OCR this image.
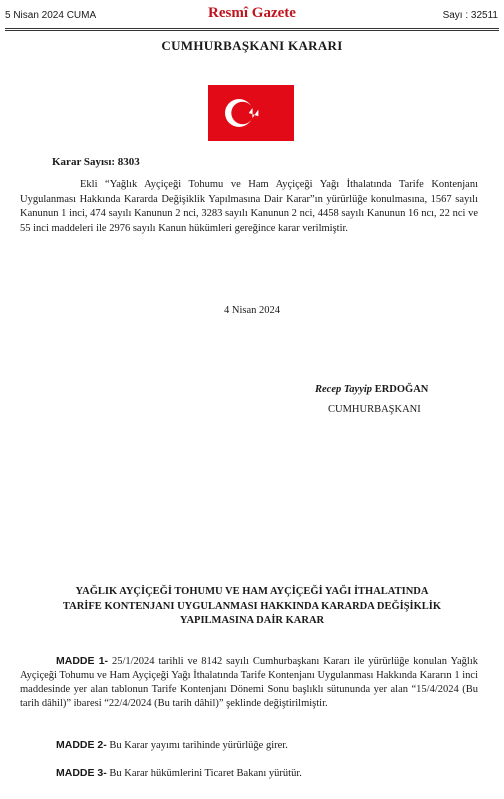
5 Nisan 2024 CUMA	Resmî Gazete	Sayı : 32511
CUMHURBAŞKANI KARARI
Karar Sayısı: 8303
Ekli “Yağlık Ayçiçeği Tohumu ve Ham Ayçiçeği Yağı İthalatında Tarife Kontenjanı Uygulanması Hakkında Kararda Değişiklik Yapılmasına Dair Karar”ın yürürlüğe konulmasına, 1567 sayılı Kanunun 1 inci, 474 sayılı Kanunun 2 nci, 3283 sayılı Kanunun 2 nci, 4458 sayılı Kanunun 16 ncı, 22 nci ve 55 inci maddeleri ile 2976 sayılı Kanun hükümleri gereğince karar verilmiştir.
4 Nisan 2024
Recep Tayyip ERDOĞAN
CUMHURBAŞKANI
YAĞLIK AYÇİÇEĞİ TOHUMU VE HAM AYÇİÇEĞİ YAĞI İTHALATINDA
TARİFE KONTENJANI UYGULANMASI HAKKINDA KARARDA DEĞİŞİKLİK
YAPILMASINA DAİR KARAR
MADDE 1- 25/1/2024 tarihli ve 8142 sayılı Cumhurbaşkanı Kararı ile yürürlüğe konulan Yağlık Ayçiçeği Tohumu ve Ham Ayçiçeği Yağı İthalatında Tarife Kontenjanı Uygulanması Hakkında Kararın 1 inci maddesinde yer alan tablonun Tarife Kontenjanı Dönemi Sonu başlıklı sütununda yer alan “15/4/2024 (Bu tarih dâhil)” ibaresi “22/4/2024 (Bu tarih dâhil)” şeklinde değiştirilmiştir.
MADDE 2- Bu Karar yayımı tarihinde yürürlüğe girer.
MADDE 3- Bu Karar hükümlerini Ticaret Bakanı yürütür.
